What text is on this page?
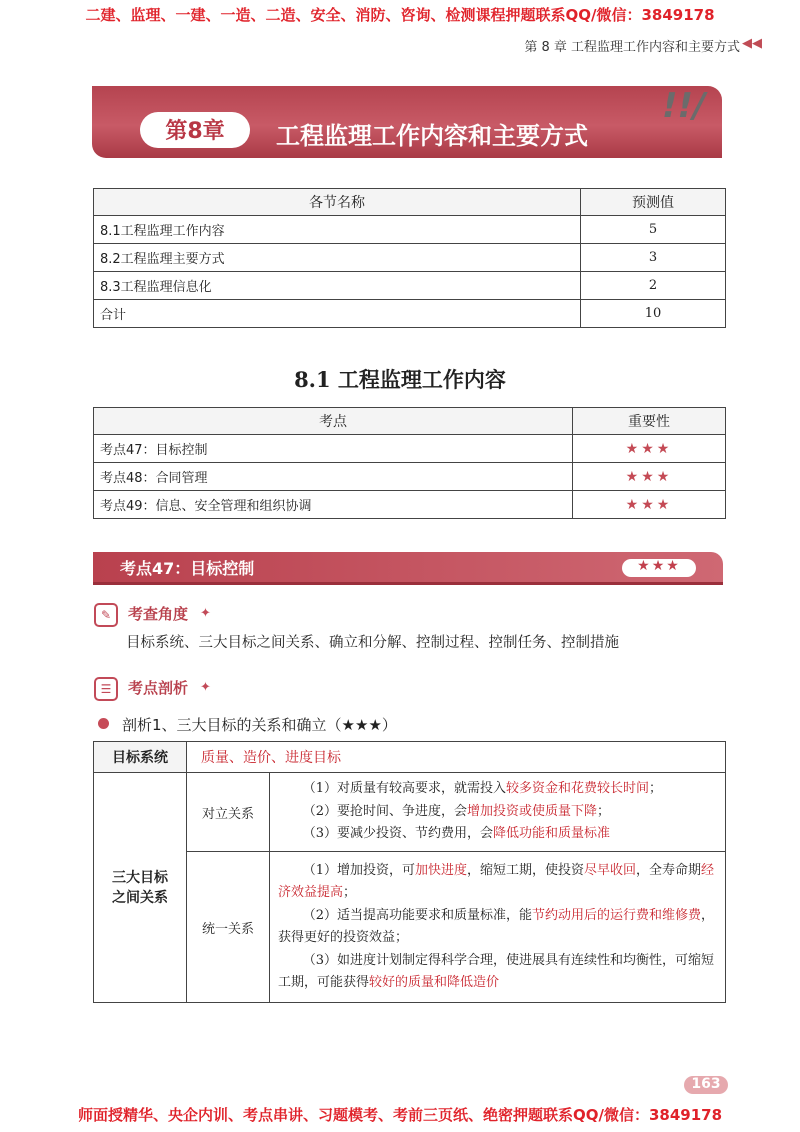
二建、监理、一建、一造、二造、安全、消防、咨询、检测课程押题联系QQ/微信：3849178
第 8 章 工程监理工作内容和主要方式 ◀◀
第8章	工程监理工作内容和主要方式
!!/
各节名称	预测值
8.1工程监理工作内容	5
8.2工程监理主要方式	3
8.3工程监理信息化	2
合计	10
8.1 工程监理工作内容
考点	重要性
考点47：目标控制	★★★
考点48：合同管理	★★★
考点49：信息、安全管理和组织协调	★★★
考点47：目标控制	★★★
✎	考查角度 ✦
目标系统、三大目标之间关系、确立和分解、控制过程、控制任务、控制措施
☰	考点剖析 ✦
剖析1、三大目标的关系和确立（★★★）
目标系统	质量、造价、进度目标	

三大目标之间关系	对立关系	（1）对质量有较高要求，就需投入较多资金和花费较长时间；

（2）要抢时间、争进度，会增加投资或使质量下降；

（3）要减少投资、节约费用，会降低功能和质量标准

	统一关系	（1）增加投资，可加快进度，缩短工期，使投资尽早收回，全寿命期经济效益提高；

（2）适当提高功能要求和质量标准，能节约动用后的运行费和维修费，获得更好的投资效益；

（3）如进度计划制定得科学合理，使进展具有连续性和均衡性，可缩短工期，可能获得较好的质量和降低造价

163
师面授精华、央企内训、考点串讲、习题模考、考前三页纸、绝密押题联系QQ/微信：3849178
